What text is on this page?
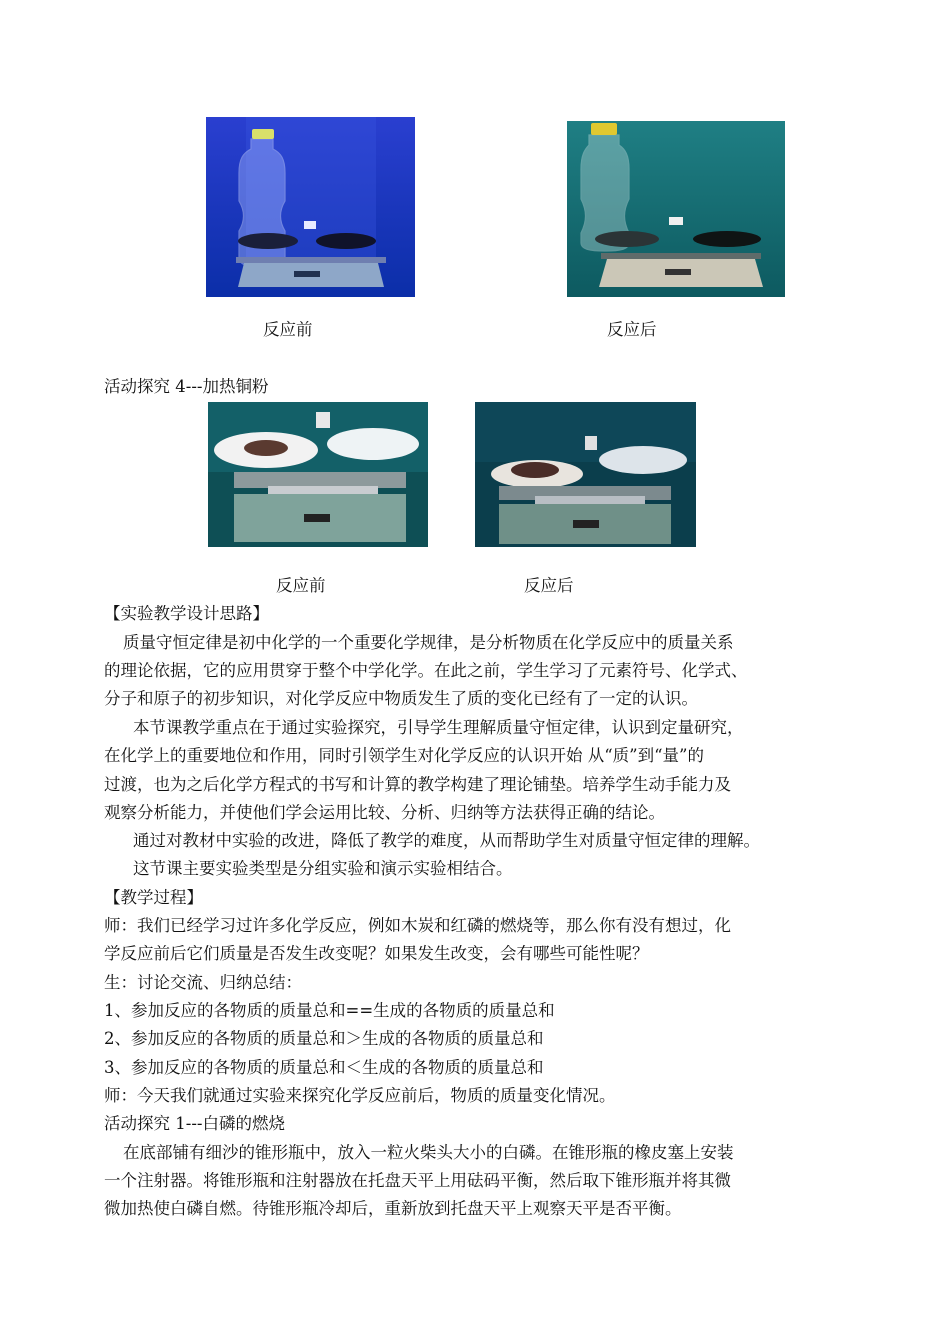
反应前	反应后
活动探究 4---加热铜粉
反应前	反应后
【实验教学设计思路】
质量守恒定律是初中化学的一个重要化学规律，是分析物质在化学反应中的质量关系
的理论依据，它的应用贯穿于整个中学化学。在此之前，学生学习了元素符号、化学式、
分子和原子的初步知识，对化学反应中物质发生了质的变化已经有了一定的认识。
本节课教学重点在于通过实验探究，引导学生理解质量守恒定律，认识到定量研究，
在化学上的重要地位和作用，同时引领学生对化学反应的认识开始 从“质”到“量”的
过渡，也为之后化学方程式的书写和计算的教学构建了理论铺垫。培养学生动手能力及
观察分析能力，并使他们学会运用比较、分析、归纳等方法获得正确的结论。
通过对教材中实验的改进，降低了教学的难度，从而帮助学生对质量守恒定律的理解。
这节课主要实验类型是分组实验和演示实验相结合。
【教学过程】
师：我们已经学习过许多化学反应，例如木炭和红磷的燃烧等，那么你有没有想过，化
学反应前后它们质量是否发生改变呢？如果发生改变，会有哪些可能性呢？
生：讨论交流、归纳总结：
1、参加反应的各物质的质量总和==生成的各物质的质量总和
2、参加反应的各物质的质量总和＞生成的各物质的质量总和
3、参加反应的各物质的质量总和＜生成的各物质的质量总和
师：今天我们就通过实验来探究化学反应前后，物质的质量变化情况。
活动探究 1---白磷的燃烧
在底部铺有细沙的锥形瓶中，放入一粒火柴头大小的白磷。在锥形瓶的橡皮塞上安装
一个注射器。将锥形瓶和注射器放在托盘天平上用砝码平衡，然后取下锥形瓶并将其微
微加热使白磷自燃。待锥形瓶冷却后，重新放到托盘天平上观察天平是否平衡。
